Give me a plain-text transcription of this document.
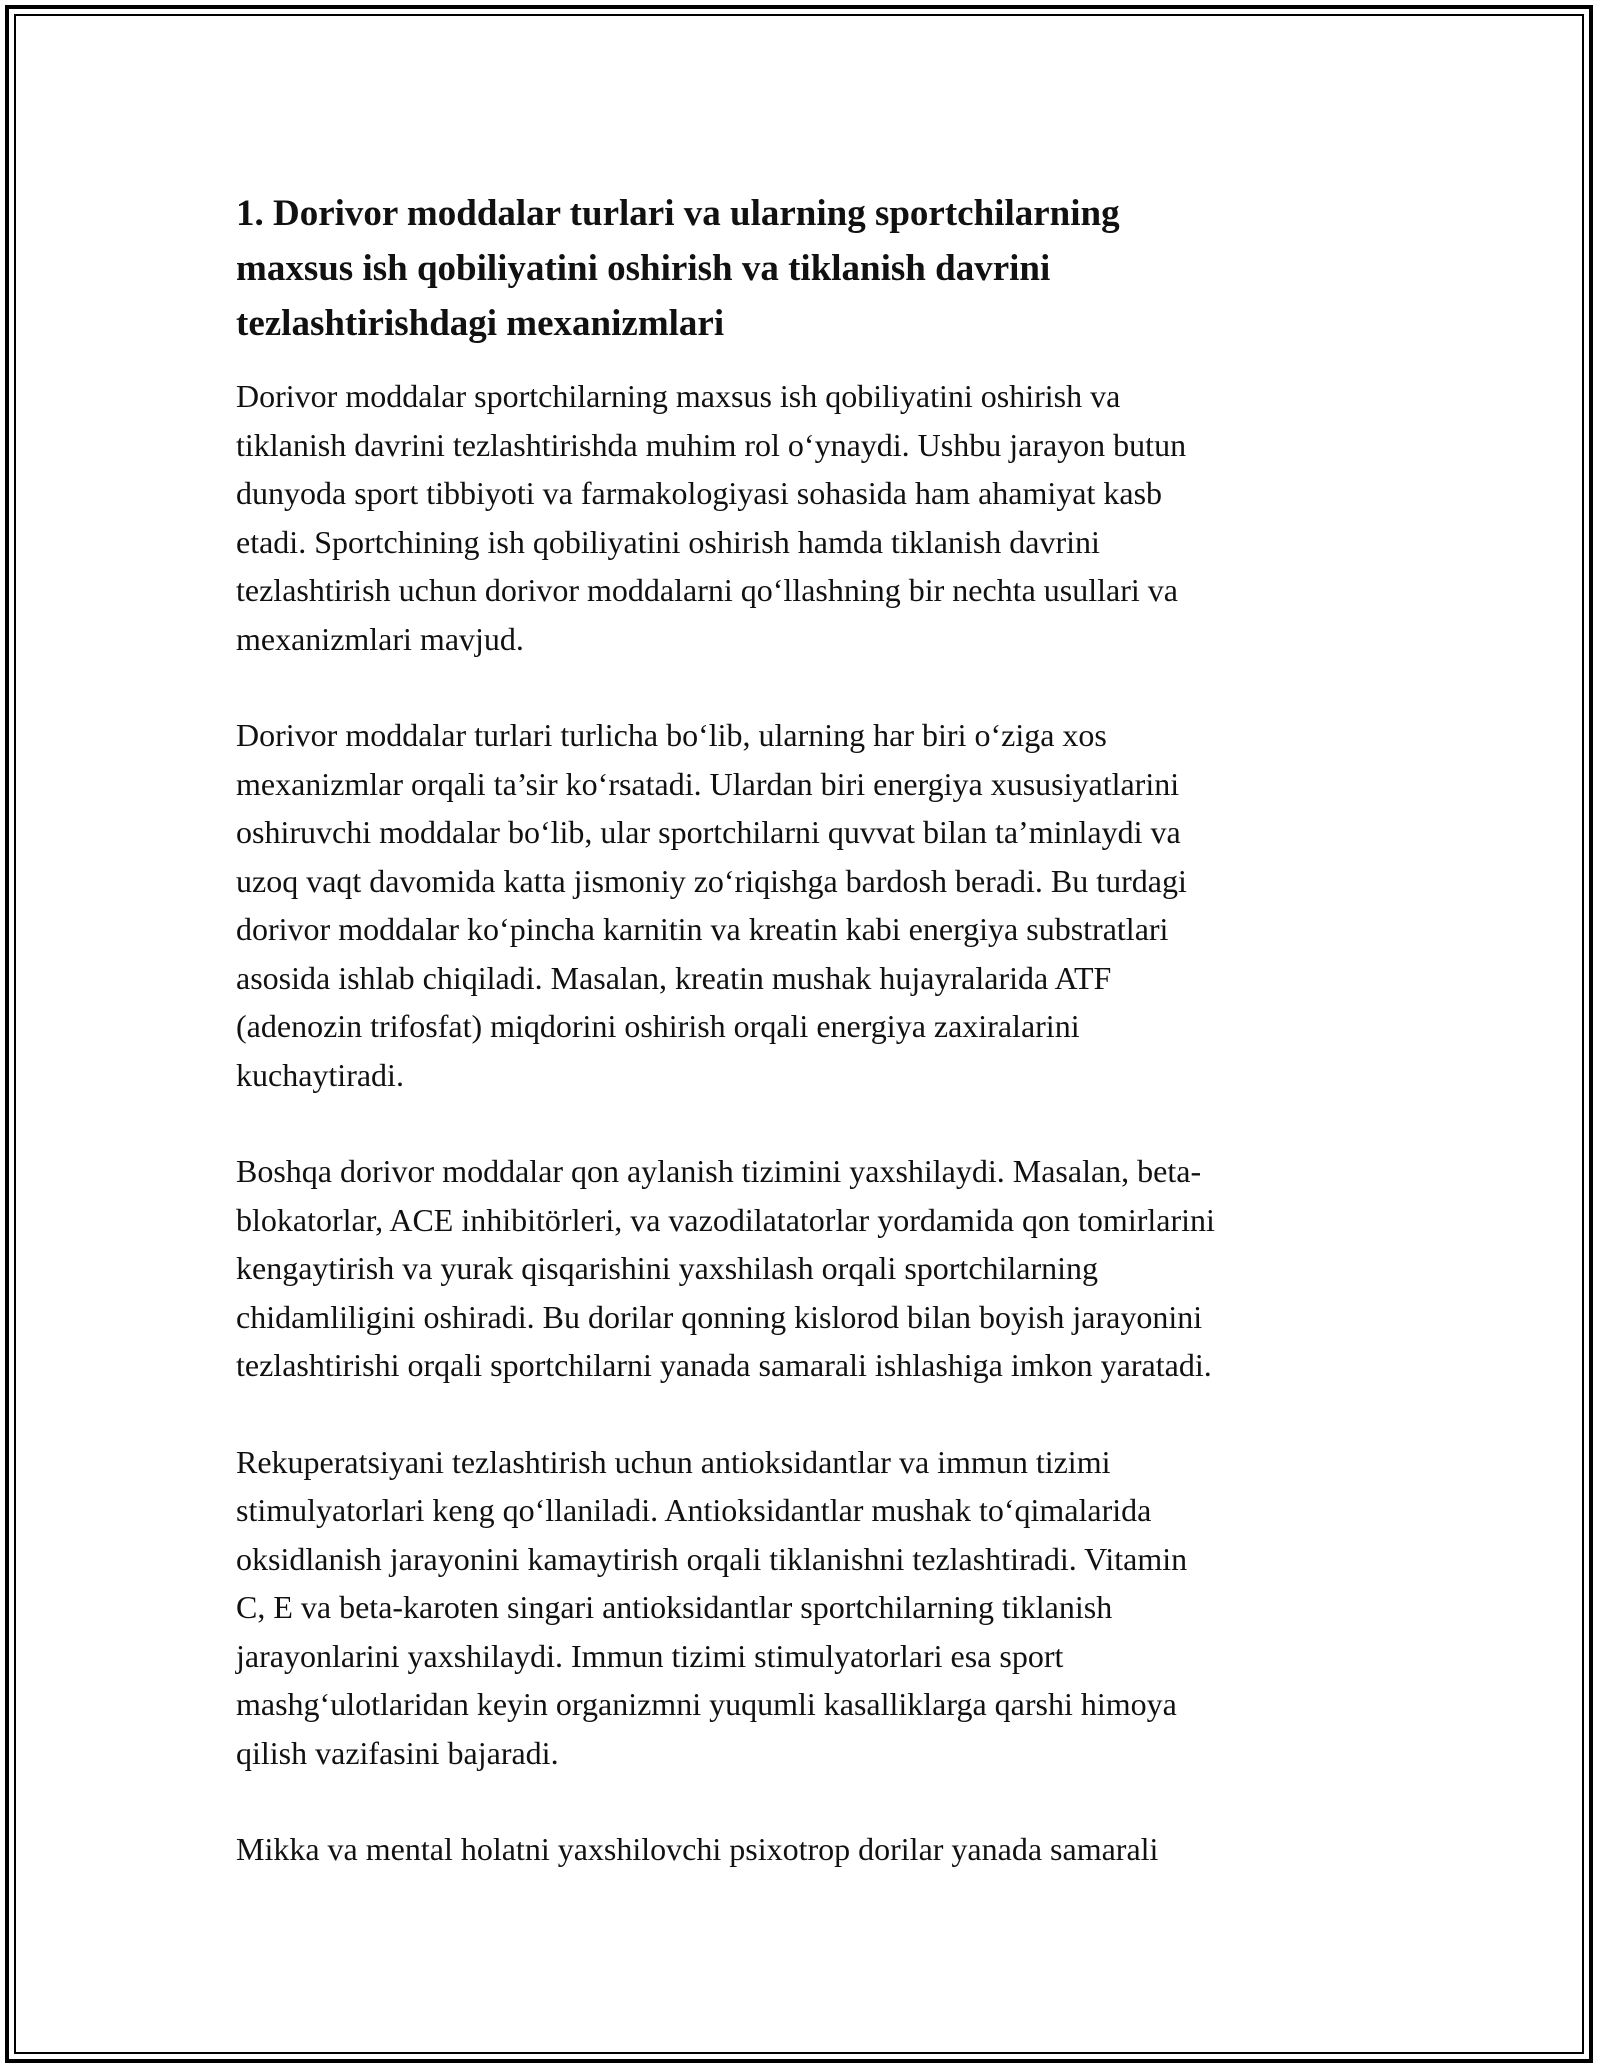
1. Dorivor moddalar turlari va ularning sportchilarning
maxsus ish qobiliyatini oshirish va tiklanish davrini
tezlashtirishdagi mexanizmlari
Dorivor moddalar sportchilarning maxsus ish qobiliyatini oshirish va
tiklanish davrini tezlashtirishda muhim rol o‘ynaydi. Ushbu jarayon butun
dunyoda sport tibbiyoti va farmakologiyasi sohasida ham ahamiyat kasb
etadi. Sportchining ish qobiliyatini oshirish hamda tiklanish davrini
tezlashtirish uchun dorivor moddalarni qo‘llashning bir nechta usullari va
mexanizmlari mavjud.
Dorivor moddalar turlari turlicha bo‘lib, ularning har biri o‘ziga xos
mexanizmlar orqali ta’sir ko‘rsatadi. Ulardan biri energiya xususiyatlarini
oshiruvchi moddalar bo‘lib, ular sportchilarni quvvat bilan ta’minlaydi va
uzoq vaqt davomida katta jismoniy zo‘riqishga bardosh beradi. Bu turdagi
dorivor moddalar ko‘pincha karnitin va kreatin kabi energiya substratlari
asosida ishlab chiqiladi. Masalan, kreatin mushak hujayralarida ATF
(adenozin trifosfat) miqdorini oshirish orqali energiya zaxiralarini
kuchaytiradi.
Boshqa dorivor moddalar qon aylanish tizimini yaxshilaydi. Masalan, beta-
blokatorlar, ACE inhibitörleri, va vazodilatatorlar yordamida qon tomirlarini
kengaytirish va yurak qisqarishini yaxshilash orqali sportchilarning
chidamliligini oshiradi. Bu dorilar qonning kislorod bilan boyish jarayonini
tezlashtirishi orqali sportchilarni yanada samarali ishlashiga imkon yaratadi.
Rekuperatsiyani tezlashtirish uchun antioksidantlar va immun tizimi
stimulyatorlari keng qo‘llaniladi. Antioksidantlar mushak to‘qimalarida
oksidlanish jarayonini kamaytirish orqali tiklanishni tezlashtiradi. Vitamin
C, E va beta-karoten singari antioksidantlar sportchilarning tiklanish
jarayonlarini yaxshilaydi. Immun tizimi stimulyatorlari esa sport
mashg‘ulotlaridan keyin organizmni yuqumli kasalliklarga qarshi himoya
qilish vazifasini bajaradi.
Mikka va mental holatni yaxshilovchi psixotrop dorilar yanada samarali
